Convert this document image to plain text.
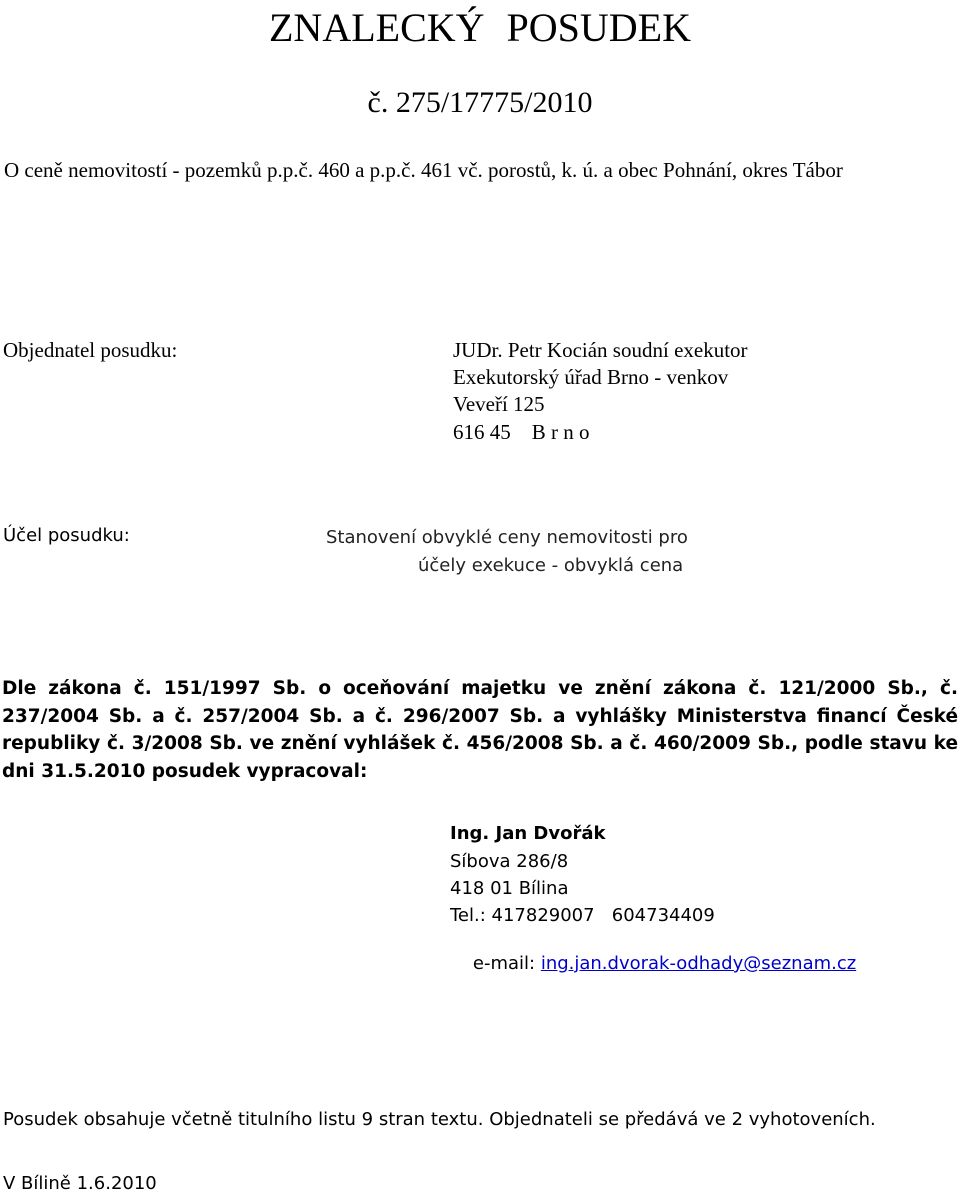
ZNALECKÝ POSUDEK
č. 275/17775/2010
O ceně nemovitostí - pozemků p.p.č. 460 a p.p.č. 461 vč. porostů, k. ú. a obec Pohnání, okres Tábor
Objednatel posudku:	JUDr. Petr Kocián soudní exekutor
Exekutorský úřad Brno - venkov
Veveří 125
616 45    B r n o
Účel posudku:	Stanovení obvyklé ceny nemovitosti pro
účely exekuce - obvyklá cena
Dle zákona č. 151/1997 Sb. o oceňování majetku ve znění zákona č. 121/2000 Sb., č. 237/2004 Sb. a č. 257/2004 Sb. a č. 296/2007 Sb. a vyhlášky Ministerstva financí České republiky č. 3/2008 Sb. ve znění vyhlášek č. 456/2008 Sb. a č. 460/2009 Sb., podle stavu ke dni 31.5.2010 posudek vypracoval:
Ing. Jan Dvořák
Síbova 286/8
418 01 Bílina
Tel.: 417829007   604734409

e-mail: ing.jan.dvorak-odhady@seznam.cz

Posudek obsahuje včetně titulního listu 9 stran textu. Objednateli se předává ve 2 vyhotoveních.
V Bílině 1.6.2010
